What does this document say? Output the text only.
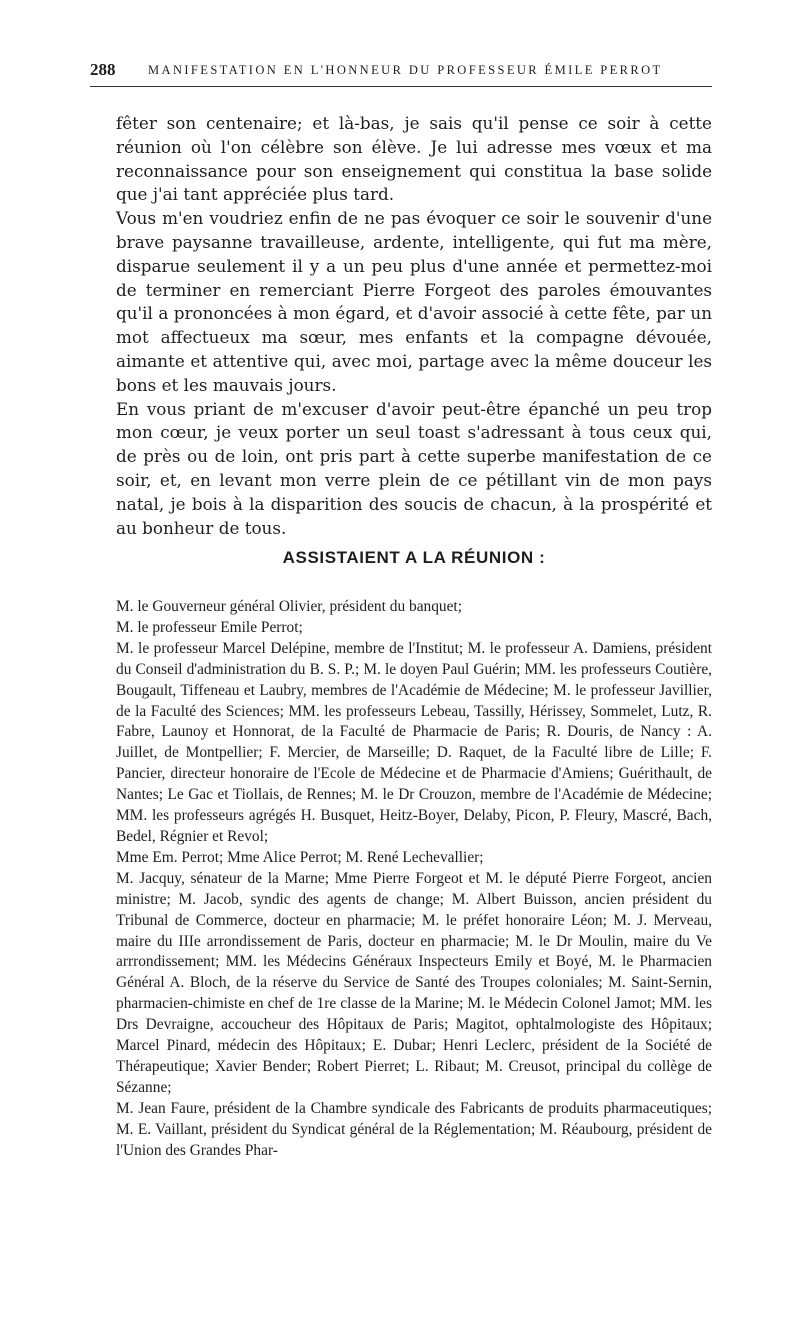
288	MANIFESTATION EN L'HONNEUR DU PROFESSEUR ÉMILE PERROT

fêter son centenaire; et là-bas, je sais qu'il pense ce soir à cette réunion où l'on célèbre son élève. Je lui adresse mes vœux et ma reconnaissance pour son enseignement qui constitua la base solide que j'ai tant appréciée plus tard.

Vous m'en voudriez enfin de ne pas évoquer ce soir le souvenir d'une brave paysanne travailleuse, ardente, intelligente, qui fut ma mère, disparue seulement il y a un peu plus d'une année et permettez-moi de terminer en remerciant Pierre Forgeot des paroles émouvantes qu'il a prononcées à mon égard, et d'avoir associé à cette fête, par un mot affectueux ma sœur, mes enfants et la compagne dévouée, aimante et attentive qui, avec moi, partage avec la même douceur les bons et les mauvais jours.

En vous priant de m'excuser d'avoir peut-être épanché un peu trop mon cœur, je veux porter un seul toast s'adressant à tous ceux qui, de près ou de loin, ont pris part à cette superbe manifestation de ce soir, et, en levant mon verre plein de ce pétillant vin de mon pays natal, je bois à la disparition des soucis de chacun, à la prospérité et au bonheur de tous.

ASSISTAIENT A LA RÉUNION :

M. le Gouverneur général Olivier, président du banquet;

M. le professeur Emile Perrot;

M. le professeur Marcel Delépine, membre de l'Institut; M. le professeur A. Damiens, président du Conseil d'administration du B. S. P.; M. le doyen Paul Guérin; MM. les professeurs Coutière, Bougault, Tiffeneau et Laubry, membres de l'Académie de Médecine; M. le professeur Javillier, de la Faculté des Sciences; MM. les professeurs Lebeau, Tassilly, Hérissey, Sommelet, Lutz, R. Fabre, Launoy et Honnorat, de la Faculté de Pharmacie de Paris; R. Douris, de Nancy : A. Juillet, de Montpellier; F. Mercier, de Marseille; D. Raquet, de la Faculté libre de Lille; F. Pancier, directeur honoraire de l'Ecole de Médecine et de Pharmacie d'Amiens; Guérithault, de Nantes; Le Gac et Tiollais, de Rennes; M. le Dr Crouzon, membre de l'Académie de Médecine; MM. les professeurs agrégés H. Busquet, Heitz-Boyer, Delaby, Picon, P. Fleury, Mascré, Bach, Bedel, Régnier et Revol;

Mme Em. Perrot; Mme Alice Perrot; M. René Lechevallier;

M. Jacquy, sénateur de la Marne; Mme Pierre Forgeot et M. le député Pierre Forgeot, ancien ministre; M. Jacob, syndic des agents de change; M. Albert Buisson, ancien président du Tribunal de Commerce, docteur en pharmacie; M. le préfet honoraire Léon; M. J. Merveau, maire du IIIe arrondissement de Paris, docteur en pharmacie; M. le Dr Moulin, maire du Ve arrrondissement; MM. les Médecins Généraux Inspecteurs Emily et Boyé, M. le Pharmacien Général A. Bloch, de la réserve du Service de Santé des Troupes coloniales; M. Saint-Sernin, pharmacien-chimiste en chef de 1re classe de la Marine; M. le Médecin Colonel Jamot; MM. les Drs Devraigne, accoucheur des Hôpitaux de Paris; Magitot, ophtalmologiste des Hôpitaux; Marcel Pinard, médecin des Hôpitaux; E. Dubar; Henri Leclerc, président de la Société de Thérapeutique; Xavier Bender; Robert Pierret; L. Ribaut; M. Creusot, principal du collège de Sézanne;

M. Jean Faure, président de la Chambre syndicale des Fabricants de produits pharmaceutiques; M. E. Vaillant, président du Syndicat général de la Réglementation; M. Réaubourg, président de l'Union des Grandes Phar-
